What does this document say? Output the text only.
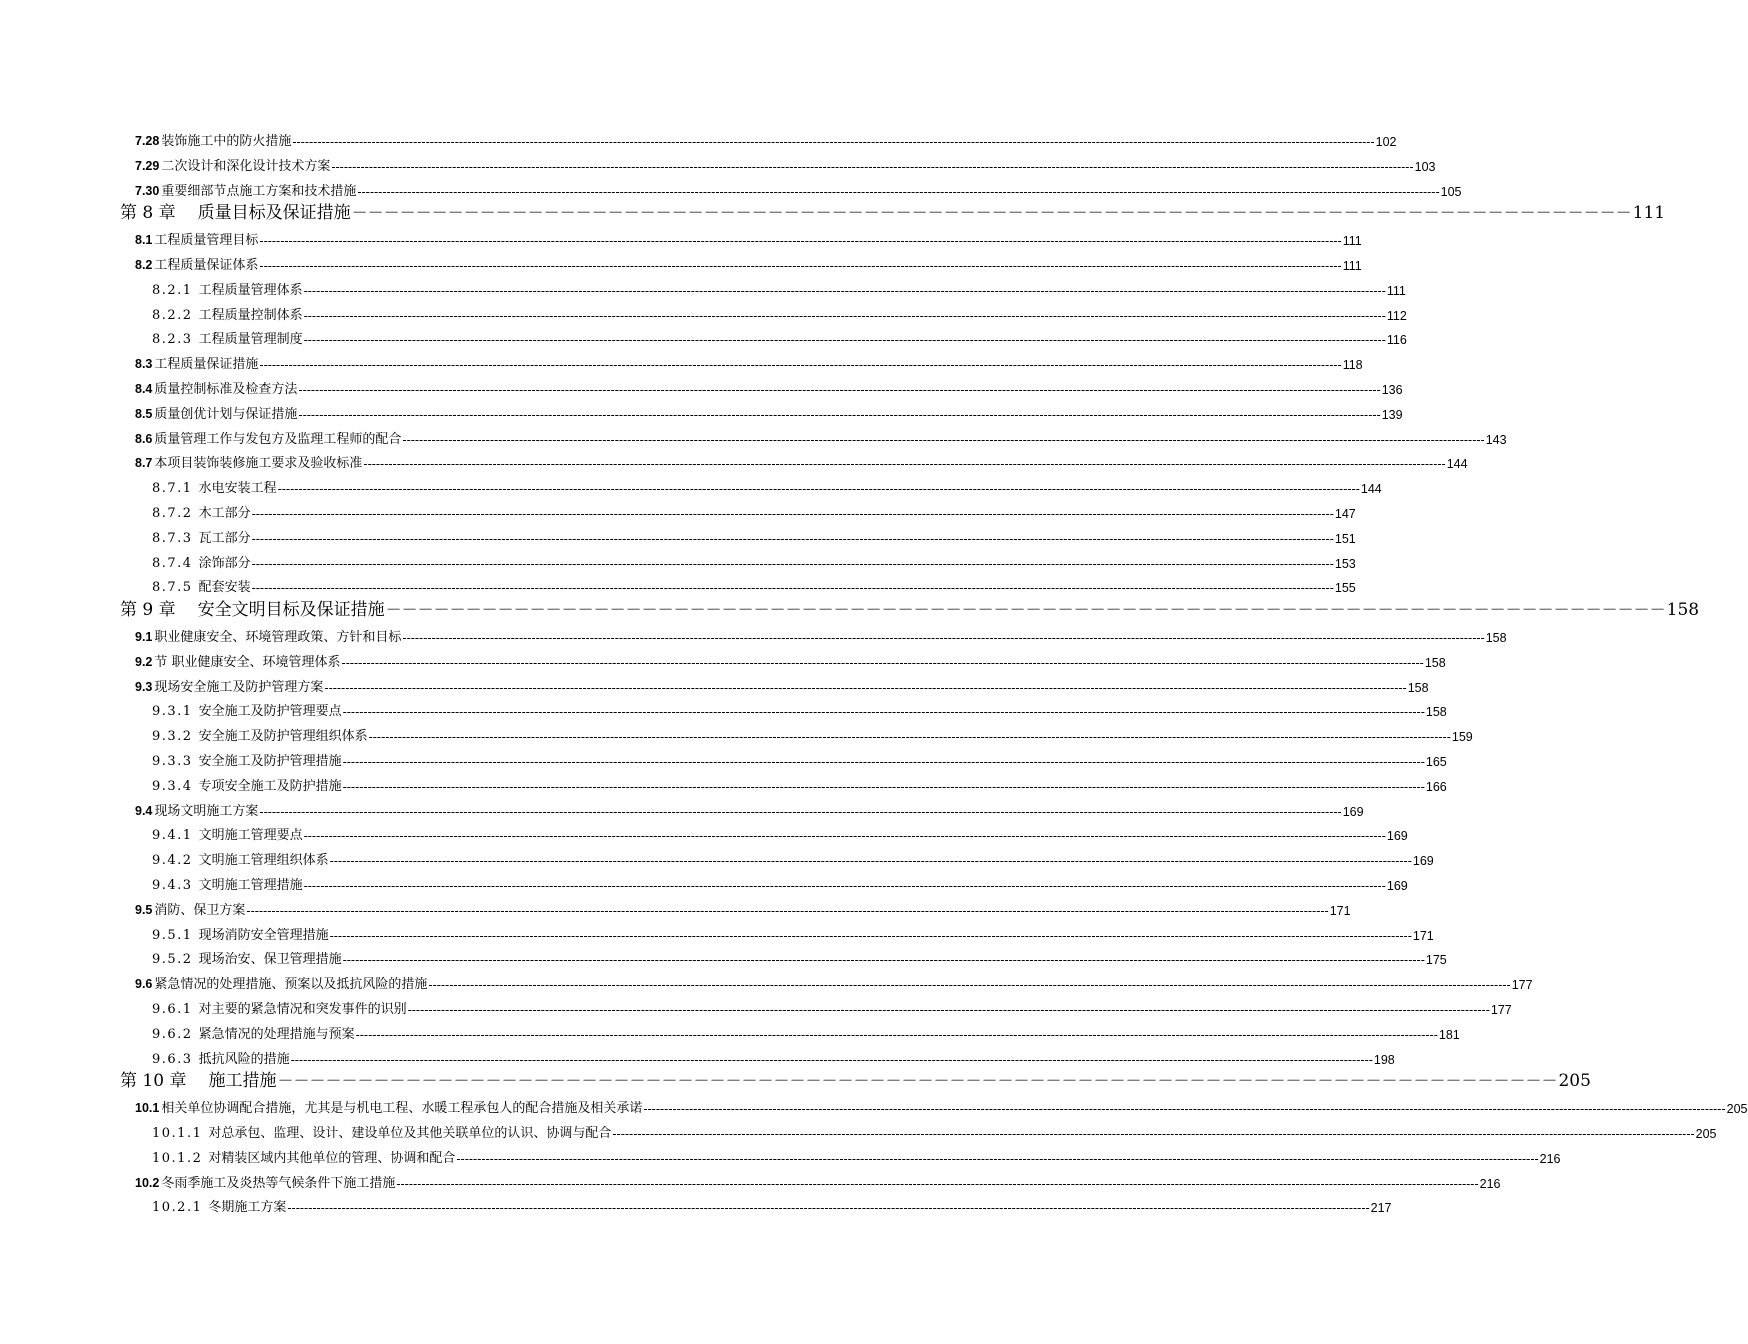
7.28 装饰施工中的防火措施 -------------------------------------------------------------------------------------------------------------------------------------------------------------------------------------------------------------------------------------------------------------------- 102
7.29 二次设计和深化设计技术方案 -------------------------------------------------------------------------------------------------------------------------------------------------------------------------------------------------------------------------------------------------------------------- 103
7.30 重要细部节点施工方案和技术措施 -------------------------------------------------------------------------------------------------------------------------------------------------------------------------------------------------------------------------------------------------------------------- 105
第 8 章 质量目标及保证措施 －－－－－－－－－－－－－－－－－－－－－－－－－－－－－－－－－－－－－－－－－－－－－－－－－－－－－－－－－－－－－－－－－－－－－－－－－－－－－－－－ 111
8.1 工程质量管理目标 -------------------------------------------------------------------------------------------------------------------------------------------------------------------------------------------------------------------------------------------------------------------- 111
8.2 工程质量保证体系 -------------------------------------------------------------------------------------------------------------------------------------------------------------------------------------------------------------------------------------------------------------------- 111
8.2.1 工程质量管理体系 -------------------------------------------------------------------------------------------------------------------------------------------------------------------------------------------------------------------------------------------------------------------- 111
8.2.2 工程质量控制体系 -------------------------------------------------------------------------------------------------------------------------------------------------------------------------------------------------------------------------------------------------------------------- 112
8.2.3 工程质量管理制度 -------------------------------------------------------------------------------------------------------------------------------------------------------------------------------------------------------------------------------------------------------------------- 116
8.3 工程质量保证措施 -------------------------------------------------------------------------------------------------------------------------------------------------------------------------------------------------------------------------------------------------------------------- 118
8.4 质量控制标准及检查方法 -------------------------------------------------------------------------------------------------------------------------------------------------------------------------------------------------------------------------------------------------------------------- 136
8.5 质量创优计划与保证措施 -------------------------------------------------------------------------------------------------------------------------------------------------------------------------------------------------------------------------------------------------------------------- 139
8.6 质量管理工作与发包方及监理工程师的配合 -------------------------------------------------------------------------------------------------------------------------------------------------------------------------------------------------------------------------------------------------------------------- 143
8.7 本项目装饰装修施工要求及验收标准 -------------------------------------------------------------------------------------------------------------------------------------------------------------------------------------------------------------------------------------------------------------------- 144
8.7.1 水电安装工程 -------------------------------------------------------------------------------------------------------------------------------------------------------------------------------------------------------------------------------------------------------------------- 144
8.7.2 木工部分 -------------------------------------------------------------------------------------------------------------------------------------------------------------------------------------------------------------------------------------------------------------------- 147
8.7.3 瓦工部分 -------------------------------------------------------------------------------------------------------------------------------------------------------------------------------------------------------------------------------------------------------------------- 151
8.7.4 涂饰部分 -------------------------------------------------------------------------------------------------------------------------------------------------------------------------------------------------------------------------------------------------------------------- 153
8.7.5 配套安装 -------------------------------------------------------------------------------------------------------------------------------------------------------------------------------------------------------------------------------------------------------------------- 155
第 9 章 安全文明目标及保证措施 －－－－－－－－－－－－－－－－－－－－－－－－－－－－－－－－－－－－－－－－－－－－－－－－－－－－－－－－－－－－－－－－－－－－－－－－－－－－－－－－ 158
9.1 职业健康安全、环境管理政策、方针和目标 -------------------------------------------------------------------------------------------------------------------------------------------------------------------------------------------------------------------------------------------------------------------- 158
9.2 节 职业健康安全、环境管理体系 -------------------------------------------------------------------------------------------------------------------------------------------------------------------------------------------------------------------------------------------------------------------- 158
9.3 现场安全施工及防护管理方案 -------------------------------------------------------------------------------------------------------------------------------------------------------------------------------------------------------------------------------------------------------------------- 158
9.3.1 安全施工及防护管理要点 -------------------------------------------------------------------------------------------------------------------------------------------------------------------------------------------------------------------------------------------------------------------- 158
9.3.2 安全施工及防护管理组织体系 -------------------------------------------------------------------------------------------------------------------------------------------------------------------------------------------------------------------------------------------------------------------- 159
9.3.3 安全施工及防护管理措施 -------------------------------------------------------------------------------------------------------------------------------------------------------------------------------------------------------------------------------------------------------------------- 165
9.3.4 专项安全施工及防护措施 -------------------------------------------------------------------------------------------------------------------------------------------------------------------------------------------------------------------------------------------------------------------- 166
9.4 现场文明施工方案 -------------------------------------------------------------------------------------------------------------------------------------------------------------------------------------------------------------------------------------------------------------------- 169
9.4.1 文明施工管理要点 -------------------------------------------------------------------------------------------------------------------------------------------------------------------------------------------------------------------------------------------------------------------- 169
9.4.2 文明施工管理组织体系 -------------------------------------------------------------------------------------------------------------------------------------------------------------------------------------------------------------------------------------------------------------------- 169
9.4.3 文明施工管理措施 -------------------------------------------------------------------------------------------------------------------------------------------------------------------------------------------------------------------------------------------------------------------- 169
9.5 消防、保卫方案 -------------------------------------------------------------------------------------------------------------------------------------------------------------------------------------------------------------------------------------------------------------------- 171
9.5.1 现场消防安全管理措施 -------------------------------------------------------------------------------------------------------------------------------------------------------------------------------------------------------------------------------------------------------------------- 171
9.5.2 现场治安、保卫管理措施 -------------------------------------------------------------------------------------------------------------------------------------------------------------------------------------------------------------------------------------------------------------------- 175
9.6 紧急情况的处理措施、预案以及抵抗风险的措施 -------------------------------------------------------------------------------------------------------------------------------------------------------------------------------------------------------------------------------------------------------------------- 177
9.6.1 对主要的紧急情况和突发事件的识别 -------------------------------------------------------------------------------------------------------------------------------------------------------------------------------------------------------------------------------------------------------------------- 177
9.6.2 紧急情况的处理措施与预案 -------------------------------------------------------------------------------------------------------------------------------------------------------------------------------------------------------------------------------------------------------------------- 181
9.6.3 抵抗风险的措施 -------------------------------------------------------------------------------------------------------------------------------------------------------------------------------------------------------------------------------------------------------------------- 198
第 10 章 施工措施 －－－－－－－－－－－－－－－－－－－－－－－－－－－－－－－－－－－－－－－－－－－－－－－－－－－－－－－－－－－－－－－－－－－－－－－－－－－－－－－－ 205
10.1 相关单位协调配合措施，尤其是与机电工程、水暖工程承包人的配合措施及相关承诺 -------------------------------------------------------------------------------------------------------------------------------------------------------------------------------------------------------------------------------------------------------------------- 205
10.1.1 对总承包、监理、设计、建设单位及其他关联单位的认识、协调与配合 -------------------------------------------------------------------------------------------------------------------------------------------------------------------------------------------------------------------------------------------------------------------- 205
10.1.2 对精装区域内其他单位的管理、协调和配合 -------------------------------------------------------------------------------------------------------------------------------------------------------------------------------------------------------------------------------------------------------------------- 216
10.2 冬雨季施工及炎热等气候条件下施工措施 -------------------------------------------------------------------------------------------------------------------------------------------------------------------------------------------------------------------------------------------------------------------- 216
10.2.1 冬期施工方案 -------------------------------------------------------------------------------------------------------------------------------------------------------------------------------------------------------------------------------------------------------------------- 217
